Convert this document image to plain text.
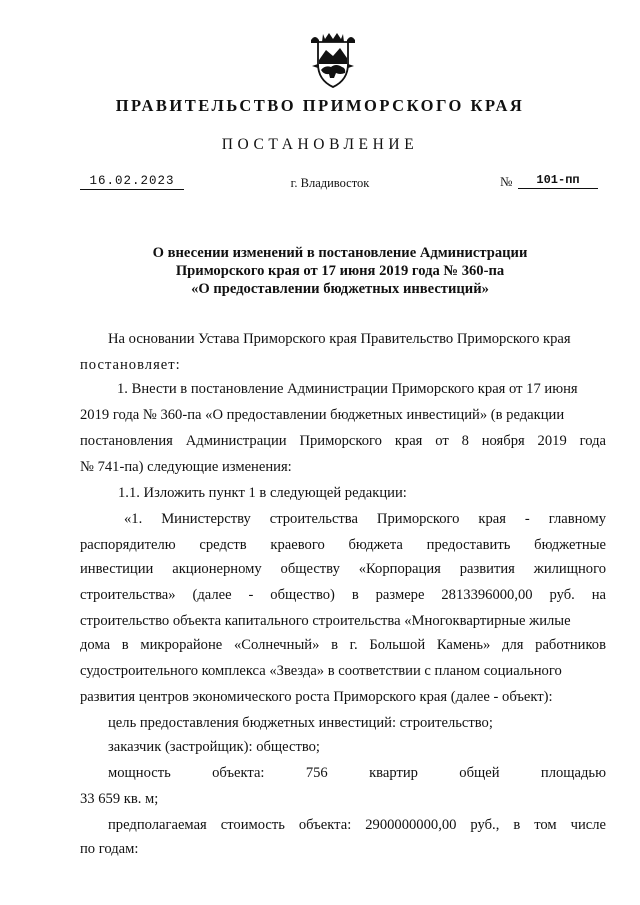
ПРАВИТЕЛЬСТВО ПРИМОРСКОГО КРАЯ
ПОСТАНОВЛЕНИЕ
16.02.2023	г. Владивосток	№	101-пп
О внесении изменений в постановление Администрации
Приморского края от 17 июня 2019 года № 360-па
«О предоставлении бюджетных инвестиций»
На основании Устава Приморского края Правительство Приморского края
постановляет:
1. Внести в постановление Администрации Приморского края от 17 июня
2019 года № 360-па «О предоставлении бюджетных инвестиций» (в редакции
постановления Администрации Приморского края от 8 ноября 2019 года
№ 741-па) следующие изменения:
1.1. Изложить пункт 1 в следующей редакции:
«1. Министерству строительства Приморского края - главному
распорядителю средств краевого бюджета предоставить бюджетные
инвестиции акционерному обществу «Корпорация развития жилищного
строительства» (далее - общество) в размере 2813396000,00 руб. на
строительство объекта капитального строительства «Многоквартирные жилые
дома в микрорайоне «Солнечный» в г. Большой Камень» для работников
судостроительного комплекса «Звезда» в соответствии с планом социального
развития центров экономического роста Приморского края (далее - объект):
цель предоставления бюджетных инвестиций: строительство;
заказчик (застройщик): общество;
мощность объекта: 756 квартир общей площадью
33 659 кв. м;
предполагаемая стоимость объекта: 2900000000,00 руб., в том числе
по годам:
